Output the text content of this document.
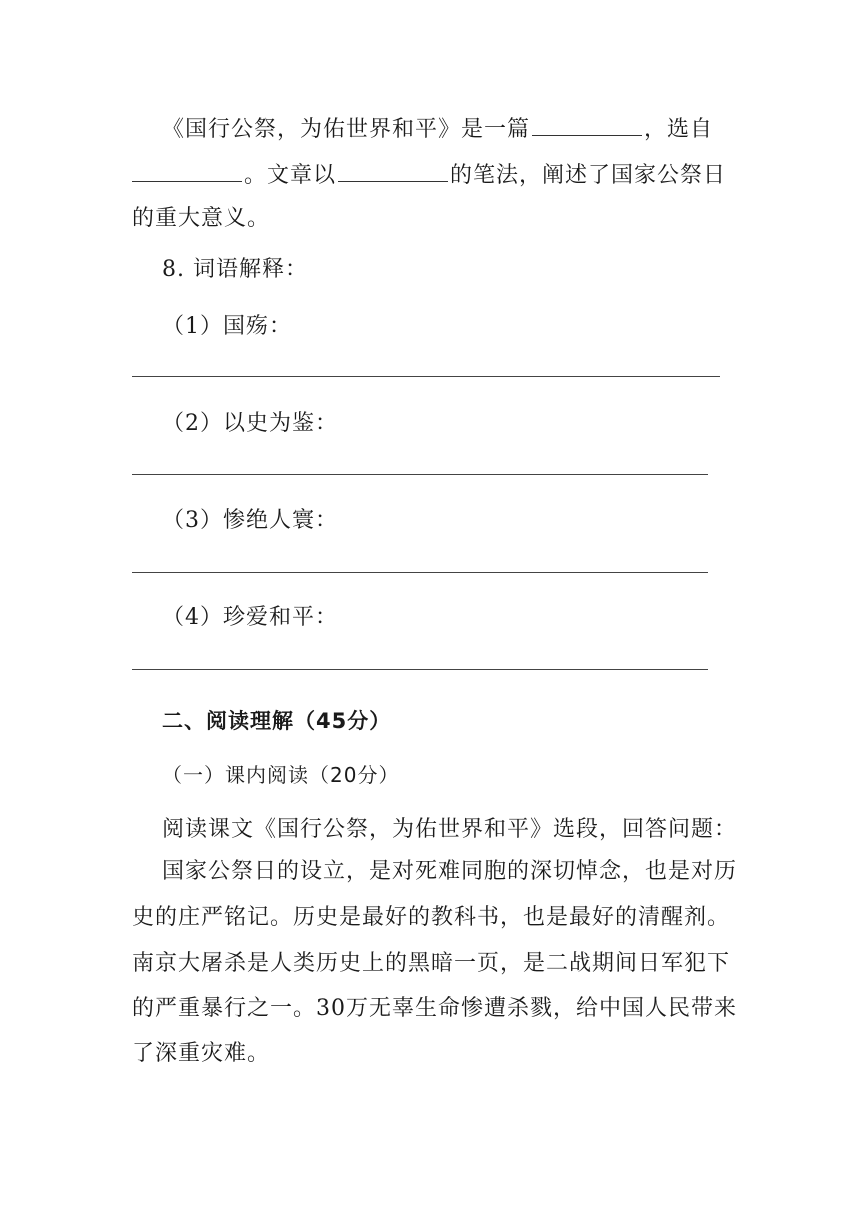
《国行公祭，为佑世界和平》是一篇	，选自
。文章以	的笔法，阐述了国家公祭日
的重大意义。
8. 词语解释：
（1）国殇：
（2）以史为鉴：
（3）惨绝人寰：
（4）珍爱和平：
二、阅读理解（45分）
（一）课内阅读（20分）
阅读课文《国行公祭，为佑世界和平》选段，回答问题：
国家公祭日的设立，是对死难同胞的深切悼念，也是对历
史的庄严铭记。历史是最好的教科书，也是最好的清醒剂。
南京大屠杀是人类历史上的黑暗一页，是二战期间日军犯下
的严重暴行之一。30万无辜生命惨遭杀戮，给中国人民带来
了深重灾难。
